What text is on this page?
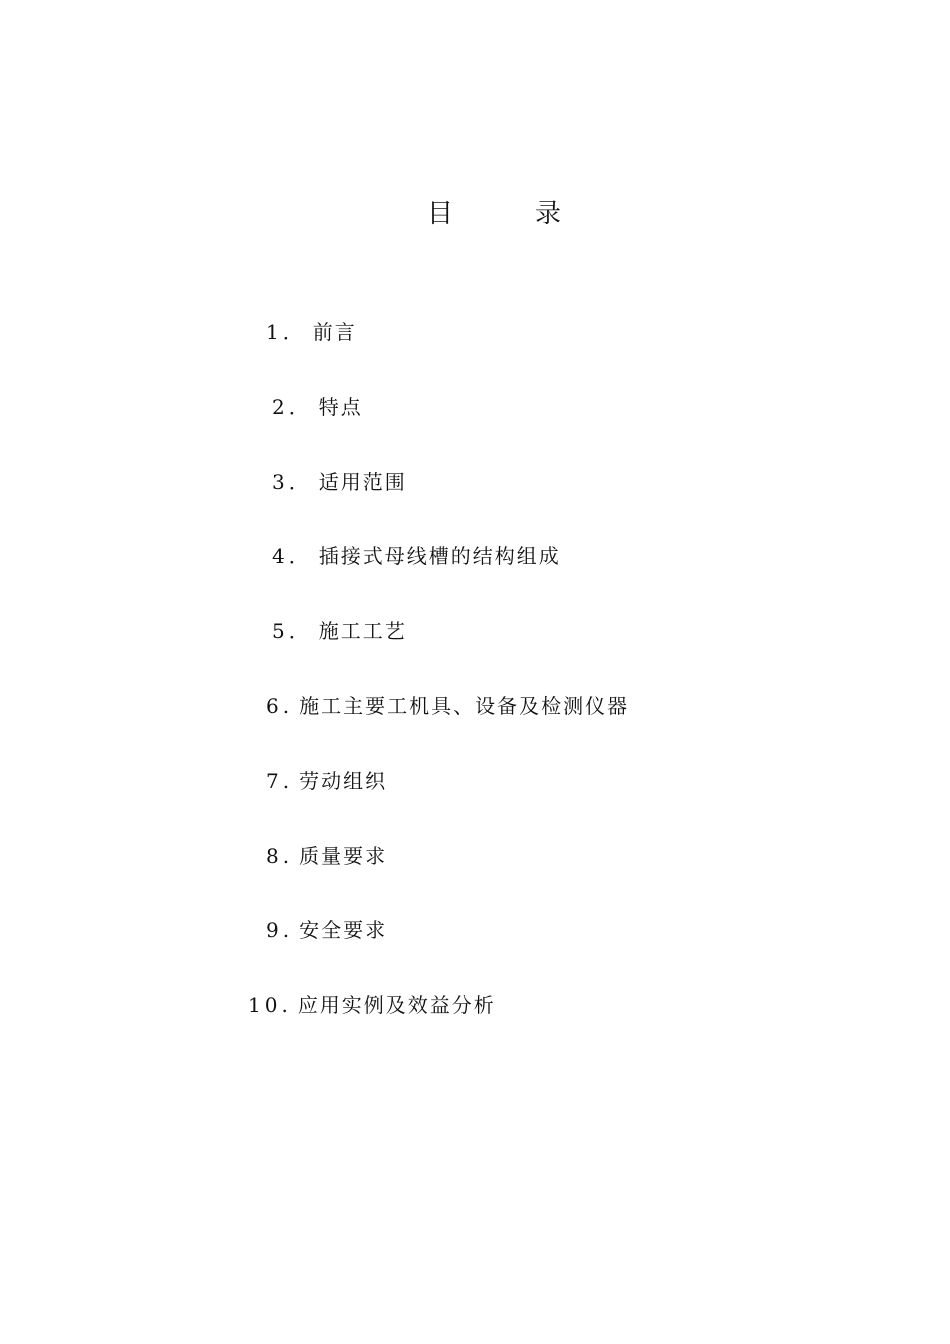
目	录
1． 前言
2． 特点
3． 适用范围
4． 插接式母线槽的结构组成
5． 施工工艺
6. 施工主要工机具、设备及检测仪器
7. 劳动组织
8. 质量要求
9. 安全要求
10. 应用实例及效益分析
